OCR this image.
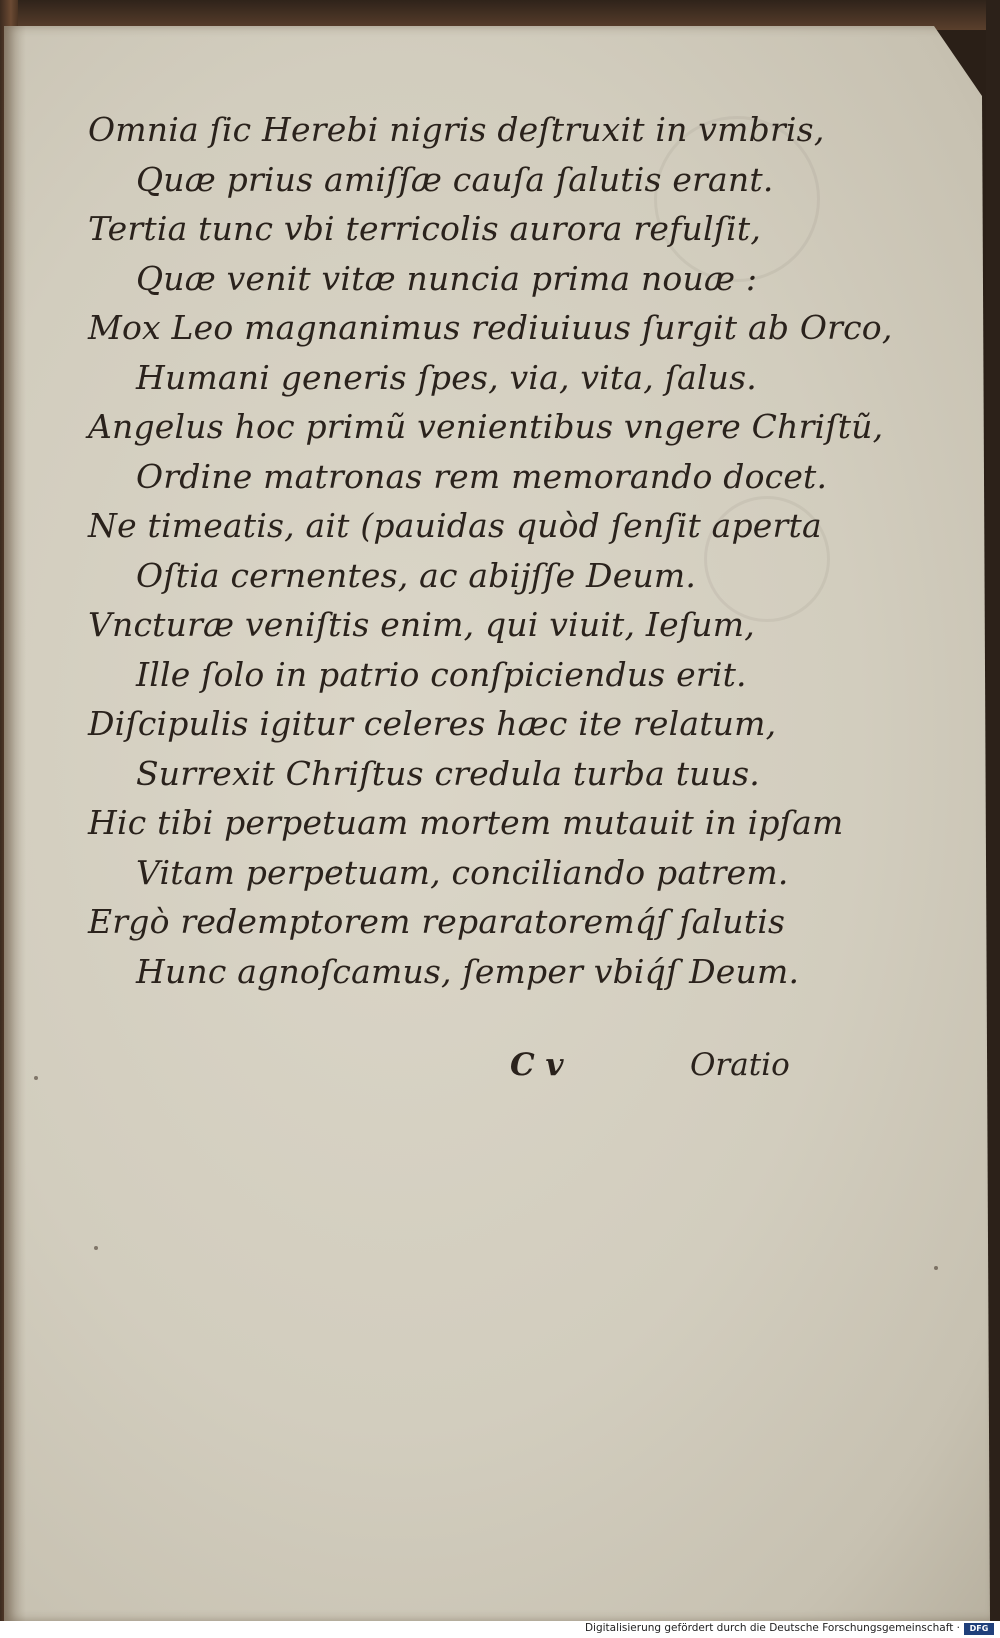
Omnia ſic Herebi nigris deſtruxit in vmbris,
Quæ prius amiſſæ cauſa ſalutis erant.
Tertia tunc vbi terricolis aurora refulſit,
Quæ venit vitæ nuncia prima nouæ :
Mox Leo magnanimus rediuiuus ſurgit ab Orco,
Humani generis ſpes, via, vita, ſalus.
Angelus hoc primũ venientibus vngere Chriſtũ,
Ordine matronas rem memorando docet.
Ne timeatis, ait (pauidas quòd ſenſit aperta
Oſtia cernentes, ac abijſſe Deum.
Vncturæ veniſtis enim, qui viuit, Ieſum,
Ille ſolo in patrio conſpiciendus erit.
Diſcipulis igitur celeres hæc ite relatum,
Surrexit Chriſtus credula turba tuus.
Hic tibi perpetuam mortem mutauit in ipſam
Vitam perpetuam, conciliando patrem.
Ergò redemptorem reparatoremq́ſ ſalutis
Hunc agnoſcamus, ſemper vbiq́ſ Deum.
C v	Oratio
Digitalisierung gefördert durch die Deutsche Forschungsgemeinschaft ·	DFG
